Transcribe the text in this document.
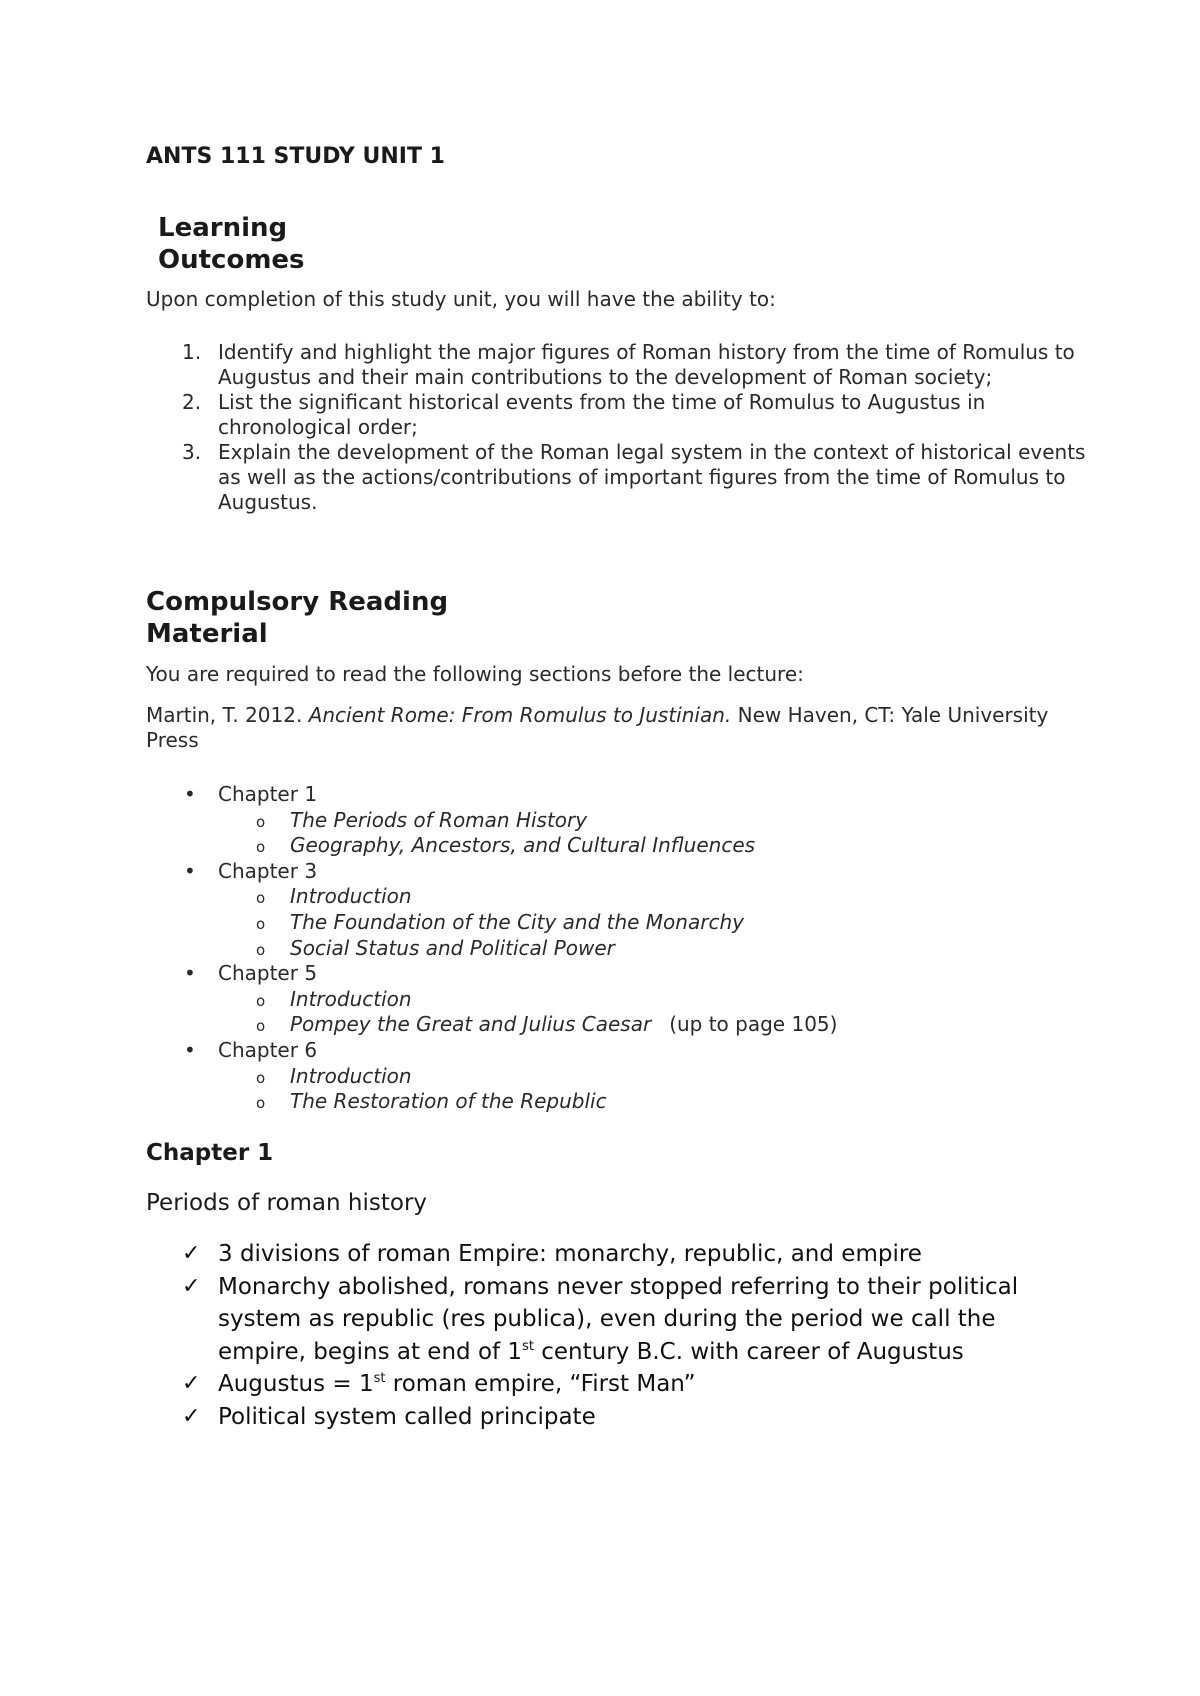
ANTS 111 STUDY UNIT 1
Learning
Outcomes

Upon completion of this study unit, you will have the ability to:

1. Identify and highlight the major figures of Roman history from the time of Romulus to Augustus and their main contributions to the development of Roman society;
2. List the significant historical events from the time of Romulus to Augustus in chronological order;
3. Explain the development of the Roman legal system in the context of historical events as well as the actions/contributions of important figures from the time of Romulus to Augustus.
Compulsory Reading
Material

You are required to read the following sections before the lecture:

Martin, T. 2012. Ancient Rome: From Romulus to Justinian. New Haven, CT: Yale University Press

• Chapter 1
o The Periods of Roman History
o Geography, Ancestors, and Cultural Influences
• Chapter 3
o Introduction
o The Foundation of the City and the Monarchy
o Social Status and Political Power
• Chapter 5
o Introduction
o Pompey the Great and Julius Caesar (up to page 105)
• Chapter 6
o Introduction
o The Restoration of the Republic
Chapter 1
Periods of roman history
✓ 3 divisions of roman Empire: monarchy, republic, and empire
✓ Monarchy abolished, romans never stopped referring to their political system as republic (res publica), even during the period we call the empire, begins at end of 1st century B.C. with career of Augustus
✓ Augustus = 1st roman empire, “First Man”
✓ Political system called principate
